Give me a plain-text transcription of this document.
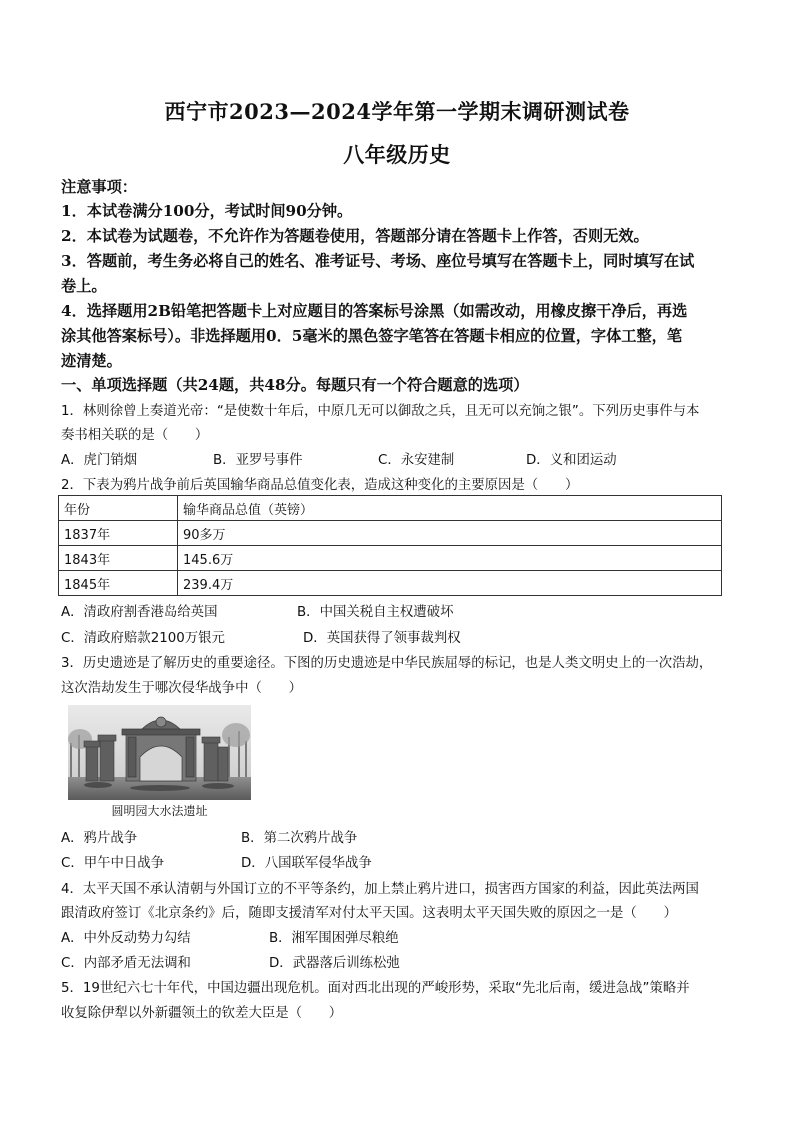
西宁市2023—2024学年第一学期末调研测试卷
八年级历史
注意事项：
1．本试卷满分100分，考试时间90分钟。
2．本试卷为试题卷，不允许作为答题卷使用，答题部分请在答题卡上作答，否则无效。
3．答题前，考生务必将自己的姓名、准考证号、考场、座位号填写在答题卡上，同时填写在试
卷上。
4．选择题用2B铅笔把答题卡上对应题目的答案标号涂黑（如需改动，用橡皮擦干净后，再选
涂其他答案标号）。非选择题用0．5毫米的黑色签字笔答在答题卡相应的位置，字体工整，笔
迹清楚。
一、单项选择题（共24题，共48分。每题只有一个符合题意的选项）
1．林则徐曾上奏道光帝：“是使数十年后，中原几无可以御敌之兵，且无可以充饷之银”。下列历史事件与本
奏书相关联的是（　　）
A．虎门销烟	B．亚罗号事件	C．永安建制	D．义和团运动
2．下表为鸦片战争前后英国输华商品总值变化表，造成这种变化的主要原因是（　　）
年份	输华商品总值（英镑）
1837年	90多万
1843年	145.6万
1845年	239.4万
A．清政府割香港岛给英国	B．中国关税自主权遭破坏
C．清政府赔款2100万银元	D．英国获得了领事裁判权
3．历史遗迹是了解历史的重要途径。下图的历史遗迹是中华民族屈辱的标记，也是人类文明史上的一次浩劫，
这次浩劫发生于哪次侵华战争中（　　）
圆明园大水法遗址
A．鸦片战争	B．第二次鸦片战争
C．甲午中日战争	D．八国联军侵华战争
4．太平天国不承认清朝与外国订立的不平等条约，加上禁止鸦片进口，损害西方国家的利益，因此英法两国
跟清政府签订《北京条约》后，随即支援清军对付太平天国。这表明太平天国失败的原因之一是（　　）
A．中外反动势力勾结	B．湘军围困弹尽粮绝
C．内部矛盾无法调和	D．武器落后训练松弛
5．19世纪六七十年代，中国边疆出现危机。面对西北出现的严峻形势，采取“先北后南，缓进急战”策略并
收复除伊犁以外新疆领土的钦差大臣是（　　）
